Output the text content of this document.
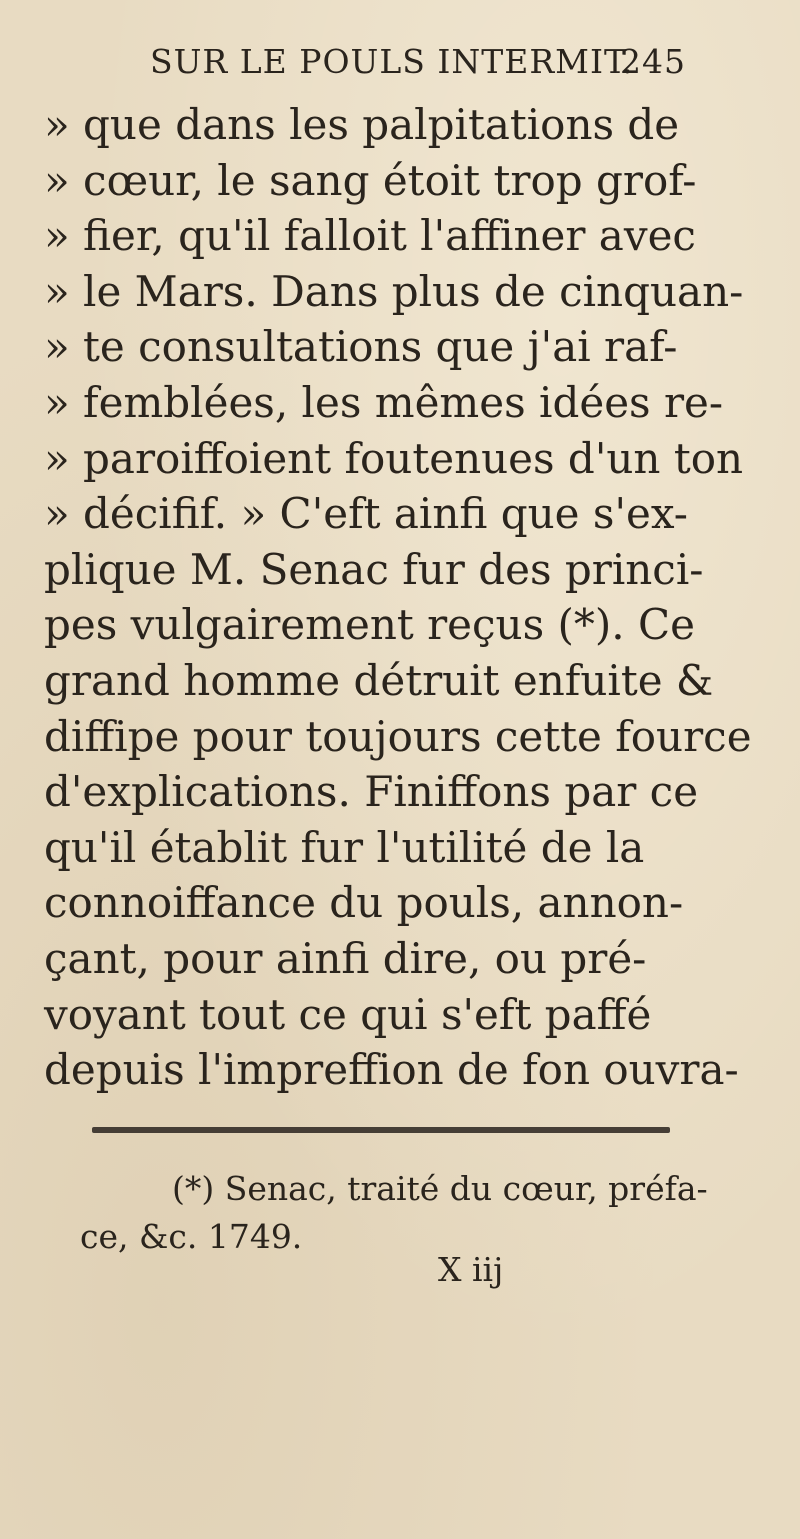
SUR LE POULS INTERMIT.
245
» que dans les palpitations de
» cœur, le sang étoit trop grof-
» fier, qu'il falloit l'affiner avec
» le Mars. Dans plus de cinquan-
» te consultations que j'ai raf-
» femblées, les mêmes idées re-
» paroiffoient foutenues d'un ton
» décifif. » C'eft ainfi que s'ex-
plique M. Senac fur des princi-
pes vulgairement reçus (*). Ce
grand homme détruit enfuite &
diffipe pour toujours cette fource
d'explications. Finiffons par ce
qu'il établit fur l'utilité de la
connoiffance du pouls, annon-
çant, pour ainfi dire, ou pré-
voyant tout ce qui s'eft paffé
depuis l'impreffion de fon ouvra-
(*) Senac, traité du cœur, préfa-
ce, &c. 1749.
X iij
